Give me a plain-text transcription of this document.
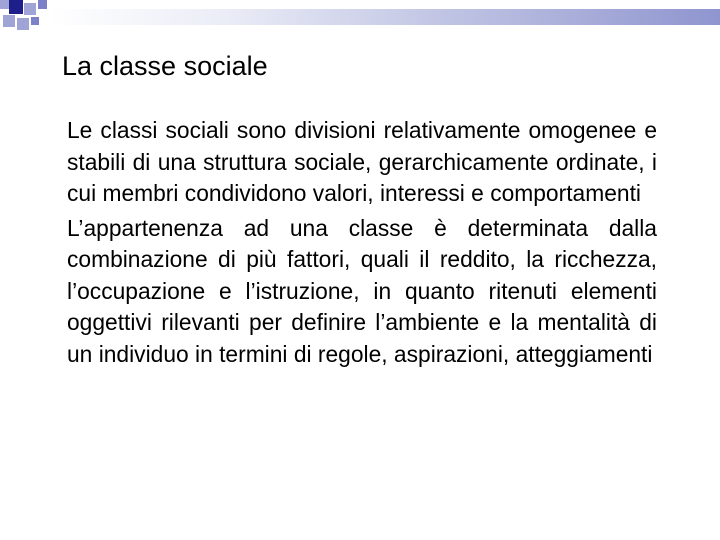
La classe sociale

Le classi sociali sono divisioni relativamente omogenee e stabili di una struttura sociale, gerarchicamente ordinate, i cui membri condividono valori, interessi e comportamenti

L’appartenenza ad una classe è determinata dalla combinazione di più fattori, quali il reddito, la ricchezza, l’occupazione e l’istruzione, in quanto ritenuti elementi oggettivi rilevanti per definire l’ambiente e la mentalità di un individuo in termini di regole, aspirazioni, atteggiamenti
